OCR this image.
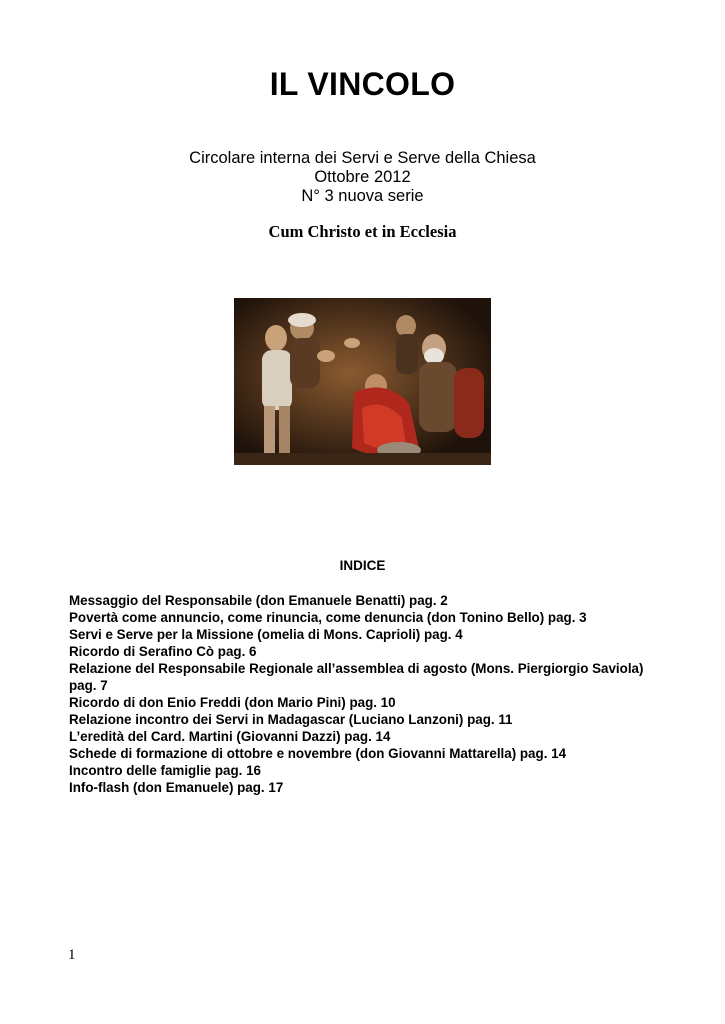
IL VINCOLO
Circolare interna dei Servi e Serve della Chiesa
Ottobre 2012
N° 3 nuova serie
Cum Christo et in Ecclesia
INDICE
Messaggio del Responsabile (don Emanuele Benatti) pag. 2
Povertà come annuncio, come rinuncia, come denuncia (don Tonino Bello) pag. 3
Servi e Serve per la Missione (omelia di Mons. Caprioli) pag. 4
Ricordo di Serafino Cò pag. 6
Relazione del Responsabile Regionale all’assemblea di agosto (Mons. Piergiorgio Saviola) pag. 7
Ricordo di don Enio Freddi (don Mario Pini) pag. 10
Relazione incontro dei Servi in Madagascar (Luciano Lanzoni) pag. 11
L’eredità del Card. Martini (Giovanni Dazzi) pag. 14
Schede di formazione di ottobre e novembre (don Giovanni Mattarella) pag. 14
Incontro delle famiglie pag. 16
Info-flash (don Emanuele) pag. 17
1
